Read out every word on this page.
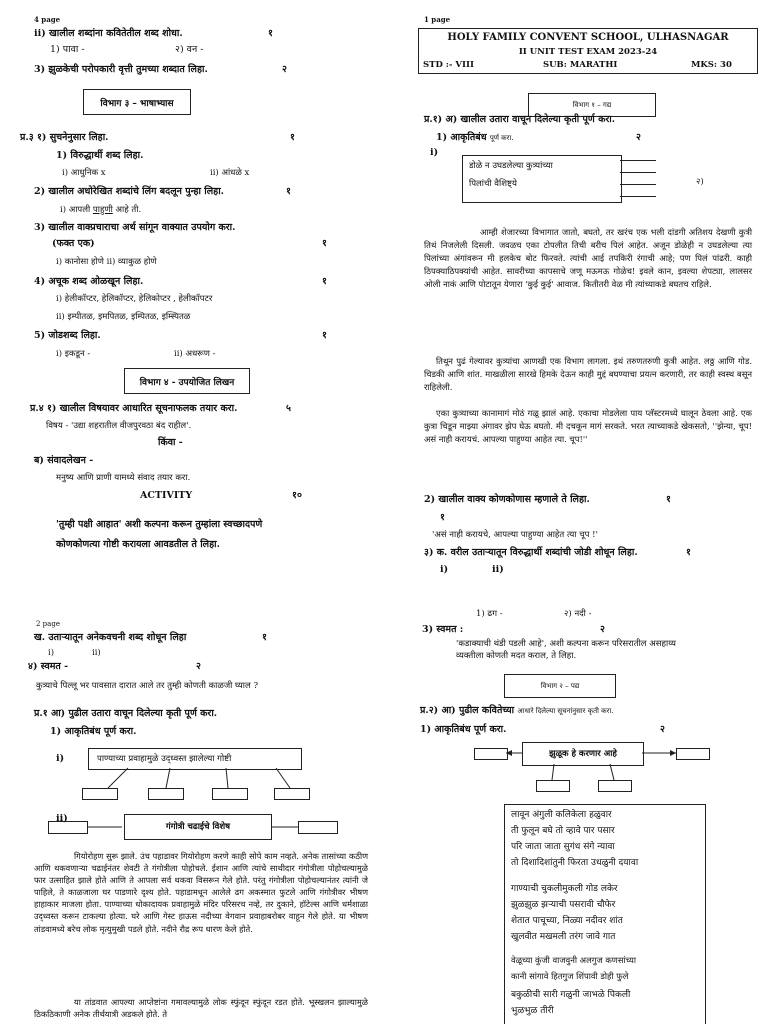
4 page
ii) खालील शब्दांना कवितेतील शब्द शोधा.	१
1) पावा -	२) वन -
3) झुळकेची परोपकारी वृत्ती तुमच्या शब्दात लिहा.	२
विभाग ३ – भाषाभ्यास
प्र.३ १) सुचनेनुसार लिहा.	१
1) विरुद्धार्थी शब्द लिहा.
i) आधुनिक x	ii) आंधळे x
2) खालील अधोरेखित शब्दांचे लिंग बदलून पुन्हा लिहा.	१
i) आपली पाहुणी आहे ती.
3) खालील वाक्प्रचाराचा अर्थ सांगून वाक्यात उपयोग करा.
(फक्त एक)	१
i) कानोसा होणे ii) व्याकुळ होणे
4) अचूक शब्द ओळखून लिहा.	१
i) हेलीकॉप्टर, हेलिकॉप्टर, हेलिकोप्टर , हेलीकॉपटर
ii) इम्पीतळ, इमपितळ, इम्पितळ, इम्स्पितळ
5) जोडशब्द लिहा.	१
i) इकडून -	ii) अधरूण -
विभाग ४ - उपयोजित लिखन
प्र.४ १) खालील विषयावर आधारित सूचनाफलक तयार करा.	५
विषय - 'उद्या शहरातील वीजपुरवठा बंद राहील'.
किंवा -
ब) संवादलेखन -
मनुष्य आणि प्राणी यामध्ये संवाद तयार करा.
ACTIVITY	१०
'तुम्ही पक्षी आहात' अशी कल्पना करून तुम्हांला स्वच्छादपणे
कोणकोणत्या गोष्टी करायला आवडतील ते लिहा.
1 page
HOLY FAMILY CONVENT SCHOOL, ULHASNAGAR
II UNIT TEST EXAM 2023-24
STD :- VIII	SUB: MARATHI	MKS: 30
विभाग १ – गद्य
प्र.१) अ) खालील उतारा वाचून दिलेल्या कृती पूर्ण करा.
1) आकृतिबंध पूर्ण करा.	२
i)
डोळे न उघडलेल्या कुत्र्यांच्या
पिलांची वैशिष्ट्ये	२)
आम्ही शेजारच्या विभागात जातो, बघतो, तर खरंच एक भली दांडगी अतिशय देखणी कुत्री तिथं निजलेली दिसली. जवळच एका टोपलीत तिची बरीच पिलं आहेत. अजून डोळेही न उघडलेल्या त्या पिलांच्या अंगांवरून मी हलकेच बोट फिरवते. त्यांची आई तपकिरी रंगाची आहे; पण पिलं पांढरी. काही ठिपक्याठिपक्यांची आहेत. सावरीच्या कापसाचे जणू मऊमऊ गोळेच! इवले कान, इवल्या शेपट्या, लालसर ओली नाकं आणि पोटातून येणारा 'कुई कुई' आवाज. कितीतरी वेळ मी त्यांच्याकडे बघतच राहिले.
तिथून पुढं गेल्यावर कुत्र्यांचा आणखी एक विभाग लागला. इथं तरुणतरुणी कुत्री आहेत. लठ्ठ आणि गोड. चिडकी आणि शांत. माखळीला सारखे हिमके देऊन काही मुद्दं बघण्याचा प्रयत्न करणारी, तर काही स्वस्थ बसून राहिलेली.
एका कुत्र्याच्या कानामागं मोठं गळू झालं आहे. एकाचा मोडलेला पाय प्लॅस्टरमध्ये घालून ठेवला आहे. एक कुत्रा चिडून माझ्या अंगावर झेप घेऊ बघतो. मी दचकून मागं सरकते. भरत त्याच्याकडे खेकसतो, ''झेन्या, चूप! असं नाही करायचं. आपल्या पाहुण्या आहेत त्या. चूप!''
2) खालील वाक्य कोणकोणास म्हणाले ते लिहा.	१
१
'असं नाही करायचे, आपल्या पाहुण्या आहेत त्या चूप !'
३) क. वरील उताऱ्यातून विरुद्धार्थी शब्दांची जोडी शोधून लिहा.	१
i)	ii)
2 page
ख. उताऱ्यातून अनेकवचनी शब्द शोधून लिहा	१
i)	ii)
४) स्वमत -	२
कुत्र्याचे पिल्लू भर पावसात दारात आले तर तुम्ही कोणती काळजी घ्याल ?
प्र.१ आ) पुढील उतारा वाचून दिलेल्या कृती पूर्ण करा.
1) आकृतिबंध पूर्ण करा.
i)	पाण्याच्या प्रवाहामुळे उद्ध्वस्त झालेल्या गोष्टी
ii)
गंगोत्री चढाईचे विशेष
गियोरोहण सुरू झाले. उंच पहाडावर गियोरोहण करणे काही सोपे काम नव्हते. अनेक तासांच्या कठीण आणि थकवणाऱ्या चढाईनंतर शेवटी ते गंगोत्रीला पोहोचले. ईशान आणि त्यांचे साथीदार गंगोत्रीला पोहोचल्यामुळे फार उत्साहित झाले होते आणि ते आपला सर्व थकवा विसरून गेले होते. परंतु गंगोत्रीला पोहोचल्यानंतर त्यांनी जे पाहिले, ते काळजाला घर पाडणारे दृश्य होते. पहाडामधून आलेले ढग अकस्मात फुटले आणि गंगोत्रीवर भीषण हाहाकार माजला होता. पाण्याच्या धोकादायक प्रवाहामुळे मंदिर परिसरच नव्हे, तर दुकाने, हॉटेल्स आणि धर्मशाळा उद्ध्वस्त करून टाकल्या होत्या. घरे आणि गेस्ट हाऊस नदीच्या वेगवान प्रवाहाबरोबर वाहून गेले होते. या भीषण तांडवामध्ये बरेच लोक मृत्युमुखी पडले होते. नदीने रौद्र रूप धारण केले होते.
या तांडवात आपल्या आप्तेष्टांना गमावल्यामुळे लोक स्फुंदून स्फुंदून रडत होते. भूस्खलन झाल्यामुळे ठिकठिकाणी अनेक तीर्थयात्री अडकले होते. ते
1) ढग -	२) नदी -
3) स्वमत :	२
'कडाक्याची थंडी पडली आहे', अशी कल्पना करून परिसरातील असहाय्य
व्यक्तीला कोणती मदत कराल, ते लिहा.
विभाग २ – पद्य
प्र.२) आ) पुढील कवितेच्या आधारे दिलेल्या सूचनांनुसार कृती करा.
1) आकृतिबंध पूर्ण करा.	२
झुळूक हे करणार आहे
लावून अंगुली कलिकेला हळुवार
ती फुलून बघे तो व्हावे पार पसार
परि जाता जाता सुगंध संगे न्यावा
तो दिशादिशांतुनी फिरता उधळुनी दयावा
गाण्याची चुकलीमुकली गोड लकेर
झुळझुळ झऱ्याची पसरावी चौफेर
शेतात पाचूच्या, निळ्या नदीवर शांत
खुलवीत मखमली तरंग जावे गात
वेळूच्या कुंजी वाजवुनी अलगुज कणसांच्या
कानी सांगावे हितगुज शिंपावी डोही फुले
बकुळीची सारी गळुनी जाभळे पिकली
भुळभुळ तीरी
